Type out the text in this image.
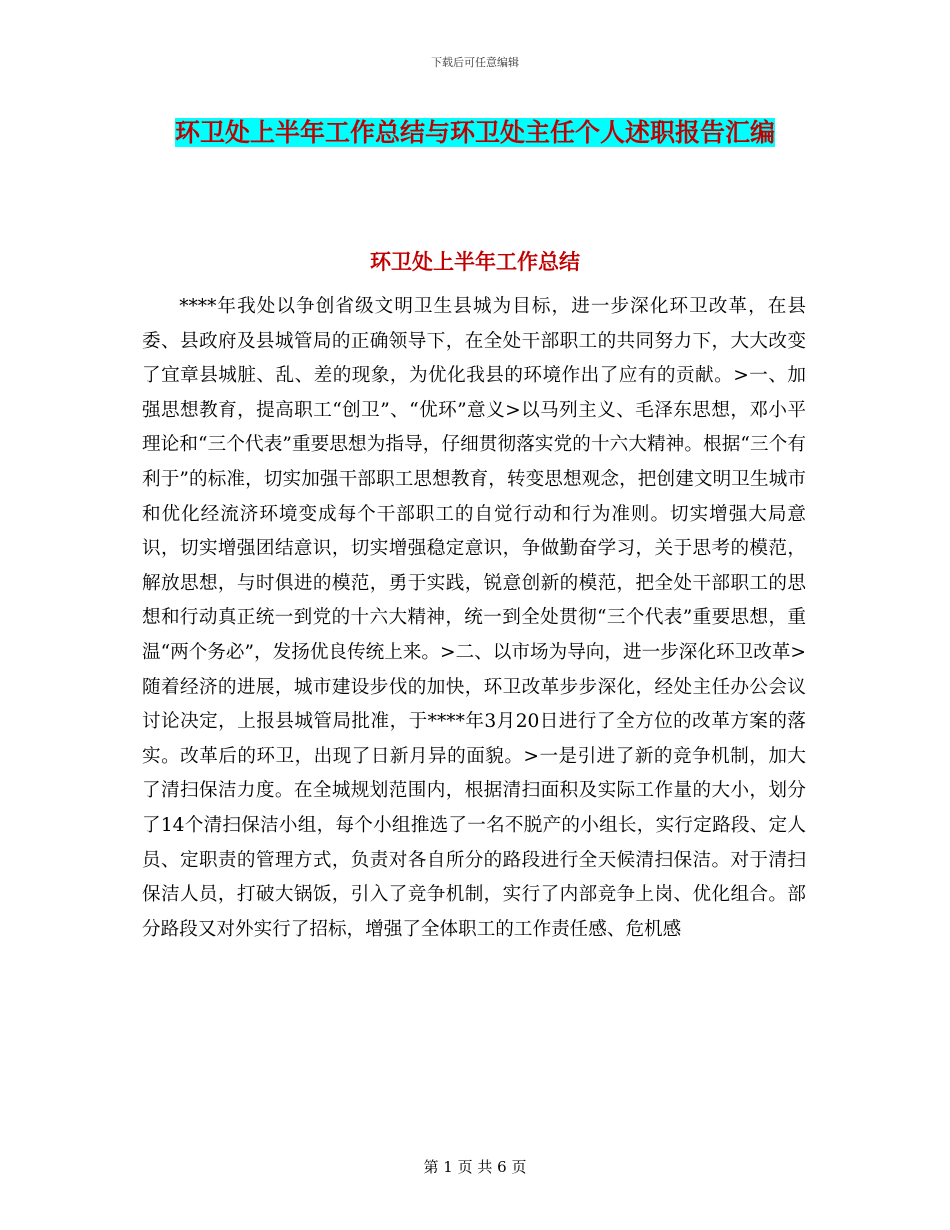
下载后可任意编辑
环卫处上半年工作总结与环卫处主任个人述职报告汇编
环卫处上半年工作总结

****年我处以争创省级文明卫生县城为目标，进一步深化环卫改革，在县委、县政府及县城管局的正确领导下，在全处干部职工的共同努力下，大大改变了宜章县城脏、乱、差的现象，为优化我县的环境作出了应有的贡献。>一、加强思想教育，提高职工“创卫”、“优环”意义>以马列主义、毛泽东思想，邓小平理论和“三个代表”重要思想为指导，仔细贯彻落实党的十六大精神。根据“三个有利于”的标准，切实加强干部职工思想教育，转变思想观念，把创建文明卫生城市和优化经流济环境变成每个干部职工的自觉行动和行为准则。切实增强大局意识，切实增强团结意识，切实增强稳定意识，争做勤奋学习，关于思考的模范，解放思想，与时俱进的模范，勇于实践，锐意创新的模范，把全处干部职工的思想和行动真正统一到党的十六大精神，统一到全处贯彻“三个代表”重要思想，重温“两个务必”，发扬优良传统上来。>二、以市场为导向，进一步深化环卫改革>随着经济的进展，城市建设步伐的加快，环卫改革步步深化，经处主任办公会议讨论决定，上报县城管局批准，于****年3月20日进行了全方位的改革方案的落实。改革后的环卫，出现了日新月异的面貌。>一是引进了新的竞争机制，加大了清扫保洁力度。在全城规划范围内，根据清扫面积及实际工作量的大小，划分了14个清扫保洁小组，每个小组推选了一名不脱产的小组长，实行定路段、定人员、定职责的管理方式，负责对各自所分的路段进行全天候清扫保洁。对于清扫保洁人员，打破大锅饭，引入了竞争机制，实行了内部竞争上岗、优化组合。部分路段又对外实行了招标，增强了全体职工的工作责任感、危机感

第 1 页 共 6 页
